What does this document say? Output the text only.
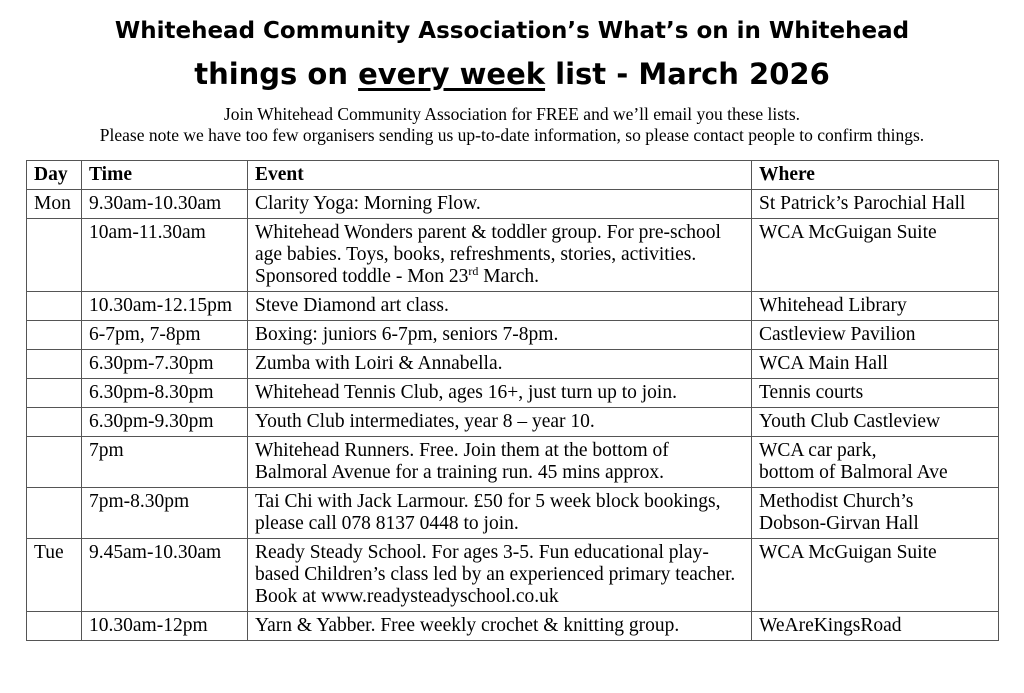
Whitehead Community Association’s What’s on in Whitehead
things on every week list - March 2026
Join Whitehead Community Association for FREE and we’ll email you these lists.
Please note we have too few organisers sending us up-to-date information, so please contact people to confirm things.
Day	Time	Event	Where
Mon	9.30am-10.30am	Clarity Yoga: Morning Flow.	St Patrick’s Parochial Hall
	10am-11.30am	Whitehead Wonders parent & toddler group. For pre-school age babies. Toys, books, refreshments, stories, activities. Sponsored toddle - Mon 23rd March.	WCA McGuigan Suite
	10.30am-12.15pm	Steve Diamond art class.	Whitehead Library
	6-7pm, 7-8pm	Boxing: juniors 6-7pm, seniors 7-8pm.	Castleview Pavilion
	6.30pm-7.30pm	Zumba with Loiri & Annabella.	WCA Main Hall
	6.30pm-8.30pm	Whitehead Tennis Club, ages 16+, just turn up to join.	Tennis courts
	6.30pm-9.30pm	Youth Club intermediates, year 8 – year 10.	Youth Club Castleview
	7pm	Whitehead Runners. Free. Join them at the bottom of Balmoral Avenue for a training run. 45 mins approx.	WCA car park,
bottom of Balmoral Ave

	7pm-8.30pm	Tai Chi with Jack Larmour. £50 for 5 week block bookings, please call 078 8137 0448 to join.	Methodist Church’s
Dobson-Girvan Hall

Tue	9.45am-10.30am	Ready Steady School. For ages 3-5. Fun educational play-based Children’s class led by an experienced primary teacher. Book at www.readysteadyschool.co.uk	WCA McGuigan Suite
	10.30am-12pm	Yarn & Yabber. Free weekly crochet & knitting group.	WeAreKingsRoad
